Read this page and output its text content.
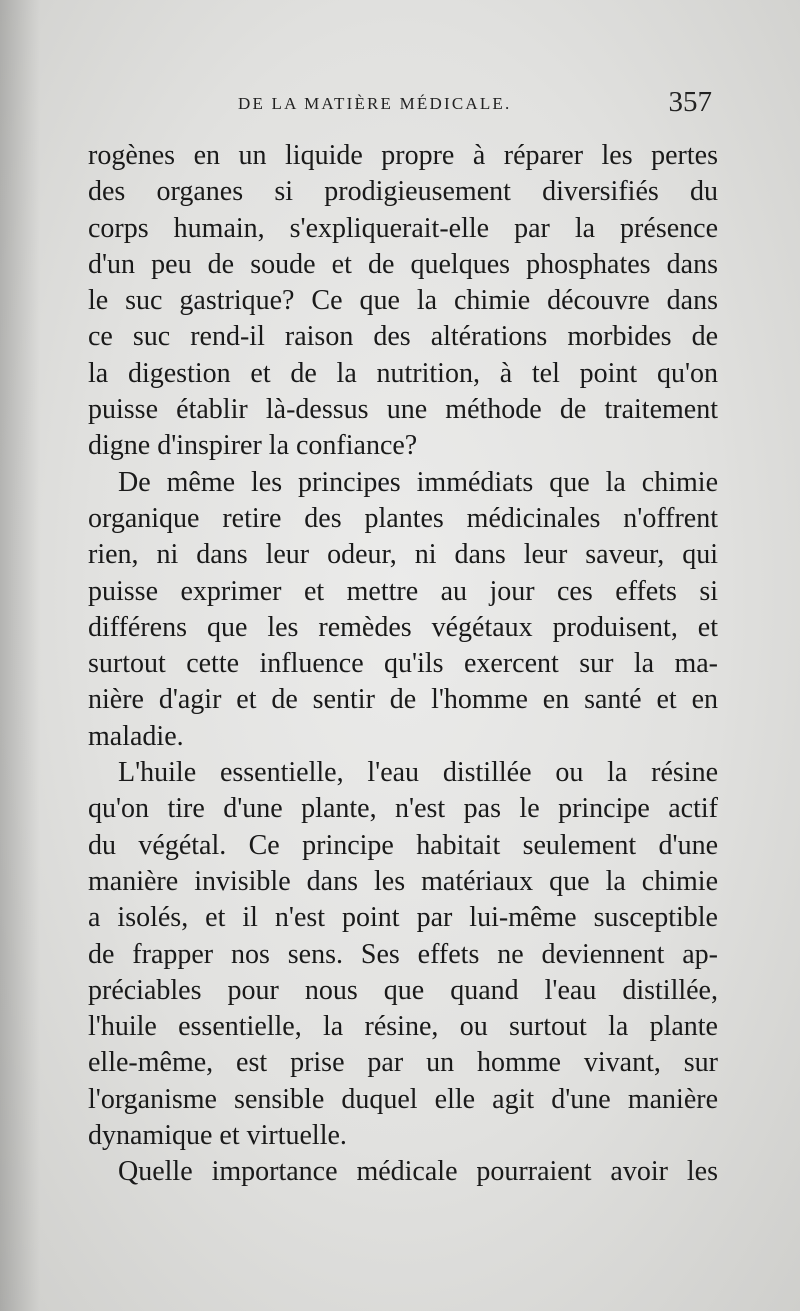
DE LA MATIÈRE MÉDICALE.	357
rogènes en un liquide propre à réparer les pertes
des organes si prodigieusement diversifiés du
corps humain, s'expliquerait-elle par la présence
d'un peu de soude et de quelques phosphates dans
le suc gastrique? Ce que la chimie découvre dans
ce suc rend-il raison des altérations morbides de
la digestion et de la nutrition, à tel point qu'on
puisse établir là-dessus une méthode de traitement
digne d'inspirer la confiance?
De même les principes immédiats que la chimie
organique retire des plantes médicinales n'offrent
rien, ni dans leur odeur, ni dans leur saveur, qui
puisse exprimer et mettre au jour ces effets si
différens que les remèdes végétaux produisent, et
surtout cette influence qu'ils exercent sur la ma-
nière d'agir et de sentir de l'homme en santé et en
maladie.
L'huile essentielle, l'eau distillée ou la résine
qu'on tire d'une plante, n'est pas le principe actif
du végétal. Ce principe habitait seulement d'une
manière invisible dans les matériaux que la chimie
a isolés, et il n'est point par lui-même susceptible
de frapper nos sens. Ses effets ne deviennent ap-
préciables pour nous que quand l'eau distillée,
l'huile essentielle, la résine, ou surtout la plante
elle-même, est prise par un homme vivant, sur
l'organisme sensible duquel elle agit d'une manière
dynamique et virtuelle.
Quelle importance médicale pourraient avoir les
